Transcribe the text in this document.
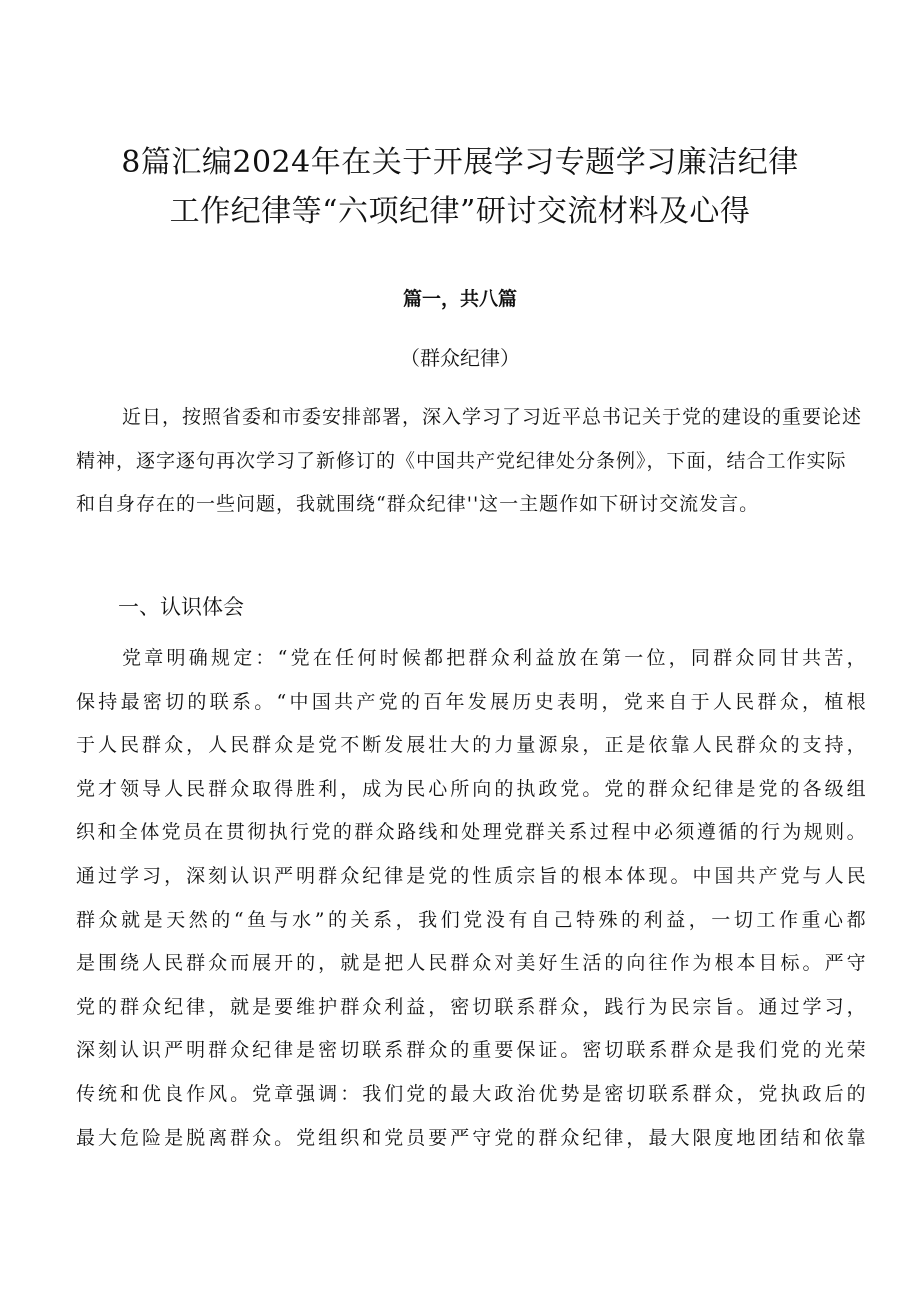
8篇汇编2024年在关于开展学习专题学习廉洁纪律
工作纪律等“六项纪律”研讨交流材料及心得
篇一，共八篇
（群众纪律）

近日，按照省委和市委安排部署，深入学习了习近平总书记关于党的建设的重要论述精神，逐字逐句再次学习了新修订的《中国共产党纪律处分条例》，下面，结合工作实际和自身存在的一些问题，我就围绕“群众纪律''这一主题作如下研讨交流发言。

一、认识体会
党章明确规定：“党在任何时候都把群众利益放在第一位，同群众同甘共苦，
保持最密切的联系。“中国共产党的百年发展历史表明，党来自于人民群众，植根
于人民群众，人民群众是党不断发展壮大的力量源泉，正是依靠人民群众的支持，
党才领导人民群众取得胜利，成为民心所向的执政党。党的群众纪律是党的各级组
织和全体党员在贯彻执行党的群众路线和处理党群关系过程中必须遵循的行为规则。
通过学习，深刻认识严明群众纪律是党的性质宗旨的根本体现。中国共产党与人民
群众就是天然的“鱼与水”的关系，我们党没有自己特殊的利益，一切工作重心都
是围绕人民群众而展开的，就是把人民群众对美好生活的向往作为根本目标。严守
党的群众纪律，就是要维护群众利益，密切联系群众，践行为民宗旨。通过学习，
深刻认识严明群众纪律是密切联系群众的重要保证。密切联系群众是我们党的光荣
传统和优良作风。党章强调：我们党的最大政治优势是密切联系群众，党执政后的
最大危险是脱离群众。党组织和党员要严守党的群众纪律，最大限度地团结和依靠
